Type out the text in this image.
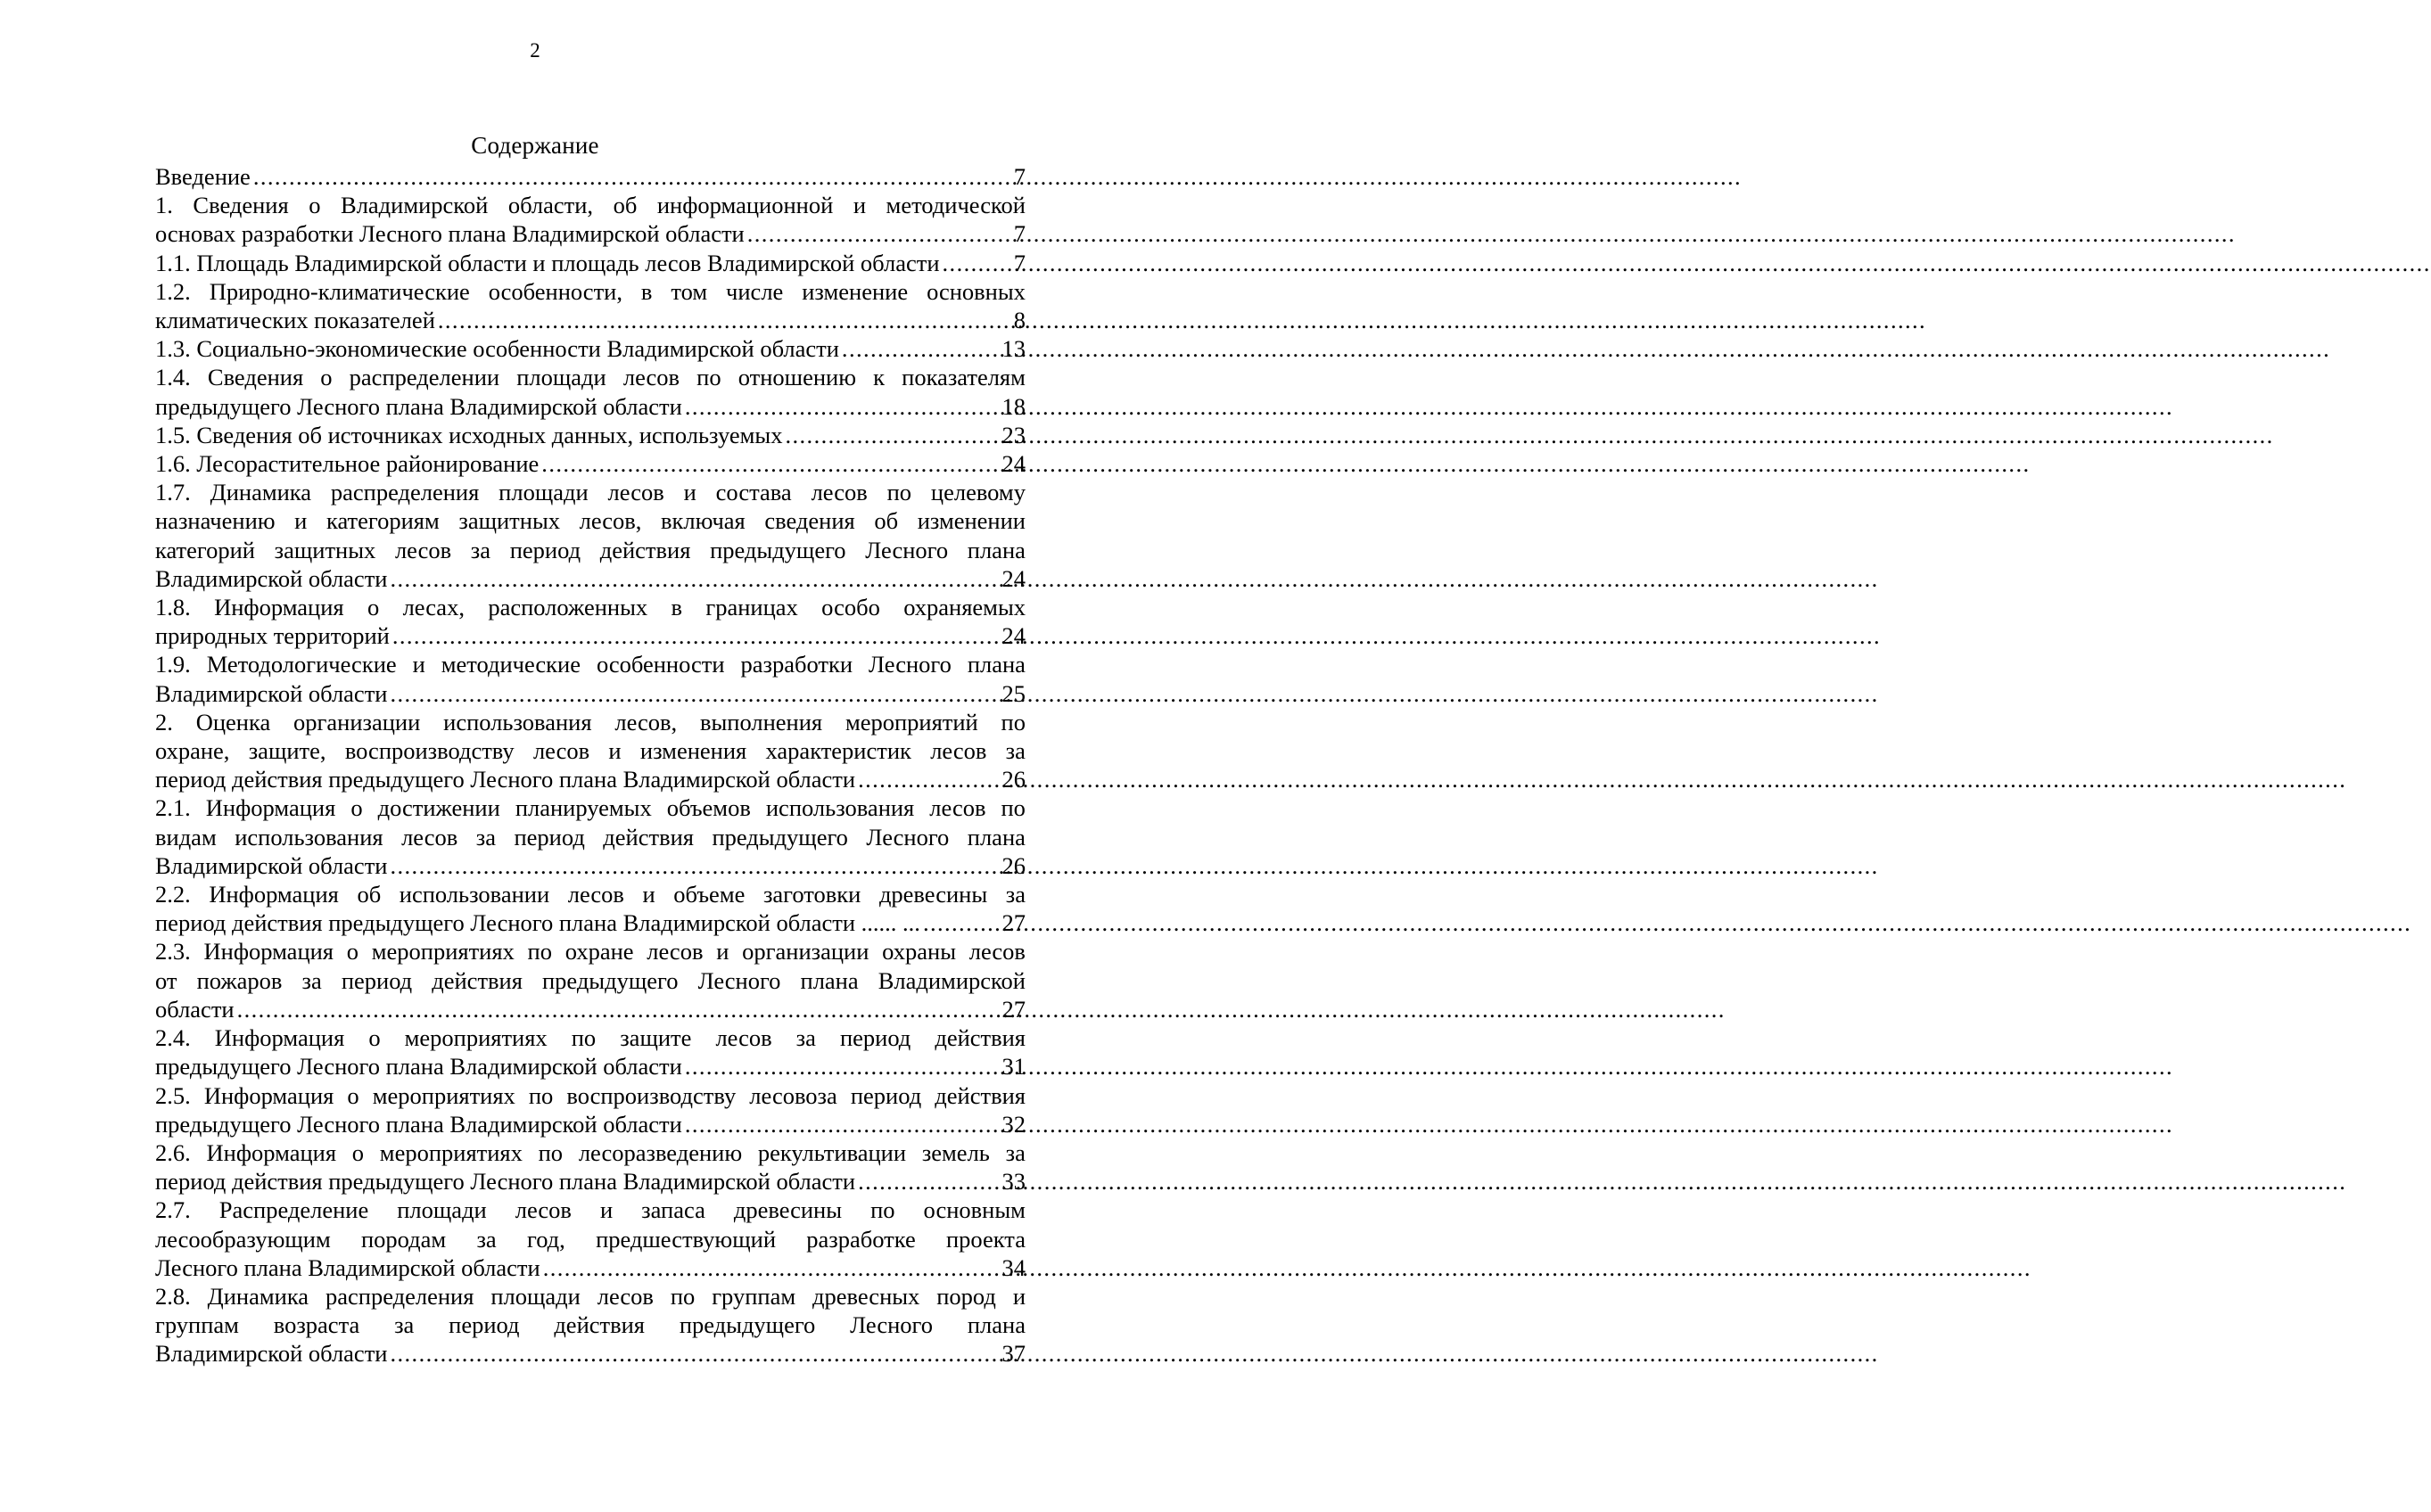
2
Содержание
Введение .....	7
1. Сведения о Владимирской области, об информационной и методической
основах разработки Лесного плана Владимирской области .....	7
1.1. Площадь Владимирской области и площадь лесов Владимирской области .....	7
1.2. Природно-климатические особенности, в том числе изменение основных
климатических показателей .....	8
1.3. Социально-экономические особенности Владимирской области .....	13
1.4. Сведения о распределении площади лесов по отношению к показателям
предыдущего Лесного плана Владимирской области .....	18
1.5. Сведения об источниках исходных данных, используемых .....	23
1.6. Лесорастительное районирование .....	24
1.7. Динамика распределения площади лесов и состава лесов по целевому
назначению и категориям защитных лесов, включая сведения об изменении
категорий защитных лесов за период действия предыдущего Лесного плана
Владимирской области .....	24
1.8. Информация о лесах, расположенных в границах особо охраняемых
природных территорий .....	24
1.9. Методологические и методические особенности разработки Лесного плана
Владимирской области .....	25
2. Оценка организации использования лесов, выполнения мероприятий по
охране, защите, воспроизводству лесов и изменения характеристик лесов за
период действия предыдущего Лесного плана Владимирской области .....	26
2.1. Информация о достижении планируемых объемов использования лесов по
видам использования лесов за период действия предыдущего Лесного плана
Владимирской области .....	26
2.2. Информация об использовании лесов и объеме заготовки древесины за
период действия предыдущего Лесного плана Владимирской области ...... ... .....	27
2.3. Информация о мероприятиях по охране лесов и организации охраны лесов
от пожаров за период действия предыдущего Лесного плана Владимирской
области .....	27
2.4. Информация о мероприятиях по защите лесов за период действия
предыдущего Лесного плана Владимирской области .....	31
2.5. Информация о мероприятиях по воспроизводству лесовоза период действия
предыдущего Лесного плана Владимирской области .....	32
2.6. Информация о мероприятиях по лесоразведению рекультивации земель за
период действия предыдущего Лесного плана Владимирской области .....	33
2.7. Распределение площади лесов и запаса древесины по основным
лесообразующим породам за год, предшествующий разработке проекта
Лесного плана Владимирской области .....	34
2.8. Динамика распределения площади лесов по группам древесных пород и
группам возраста за период действия предыдущего Лесного плана
Владимирской области .....	37
